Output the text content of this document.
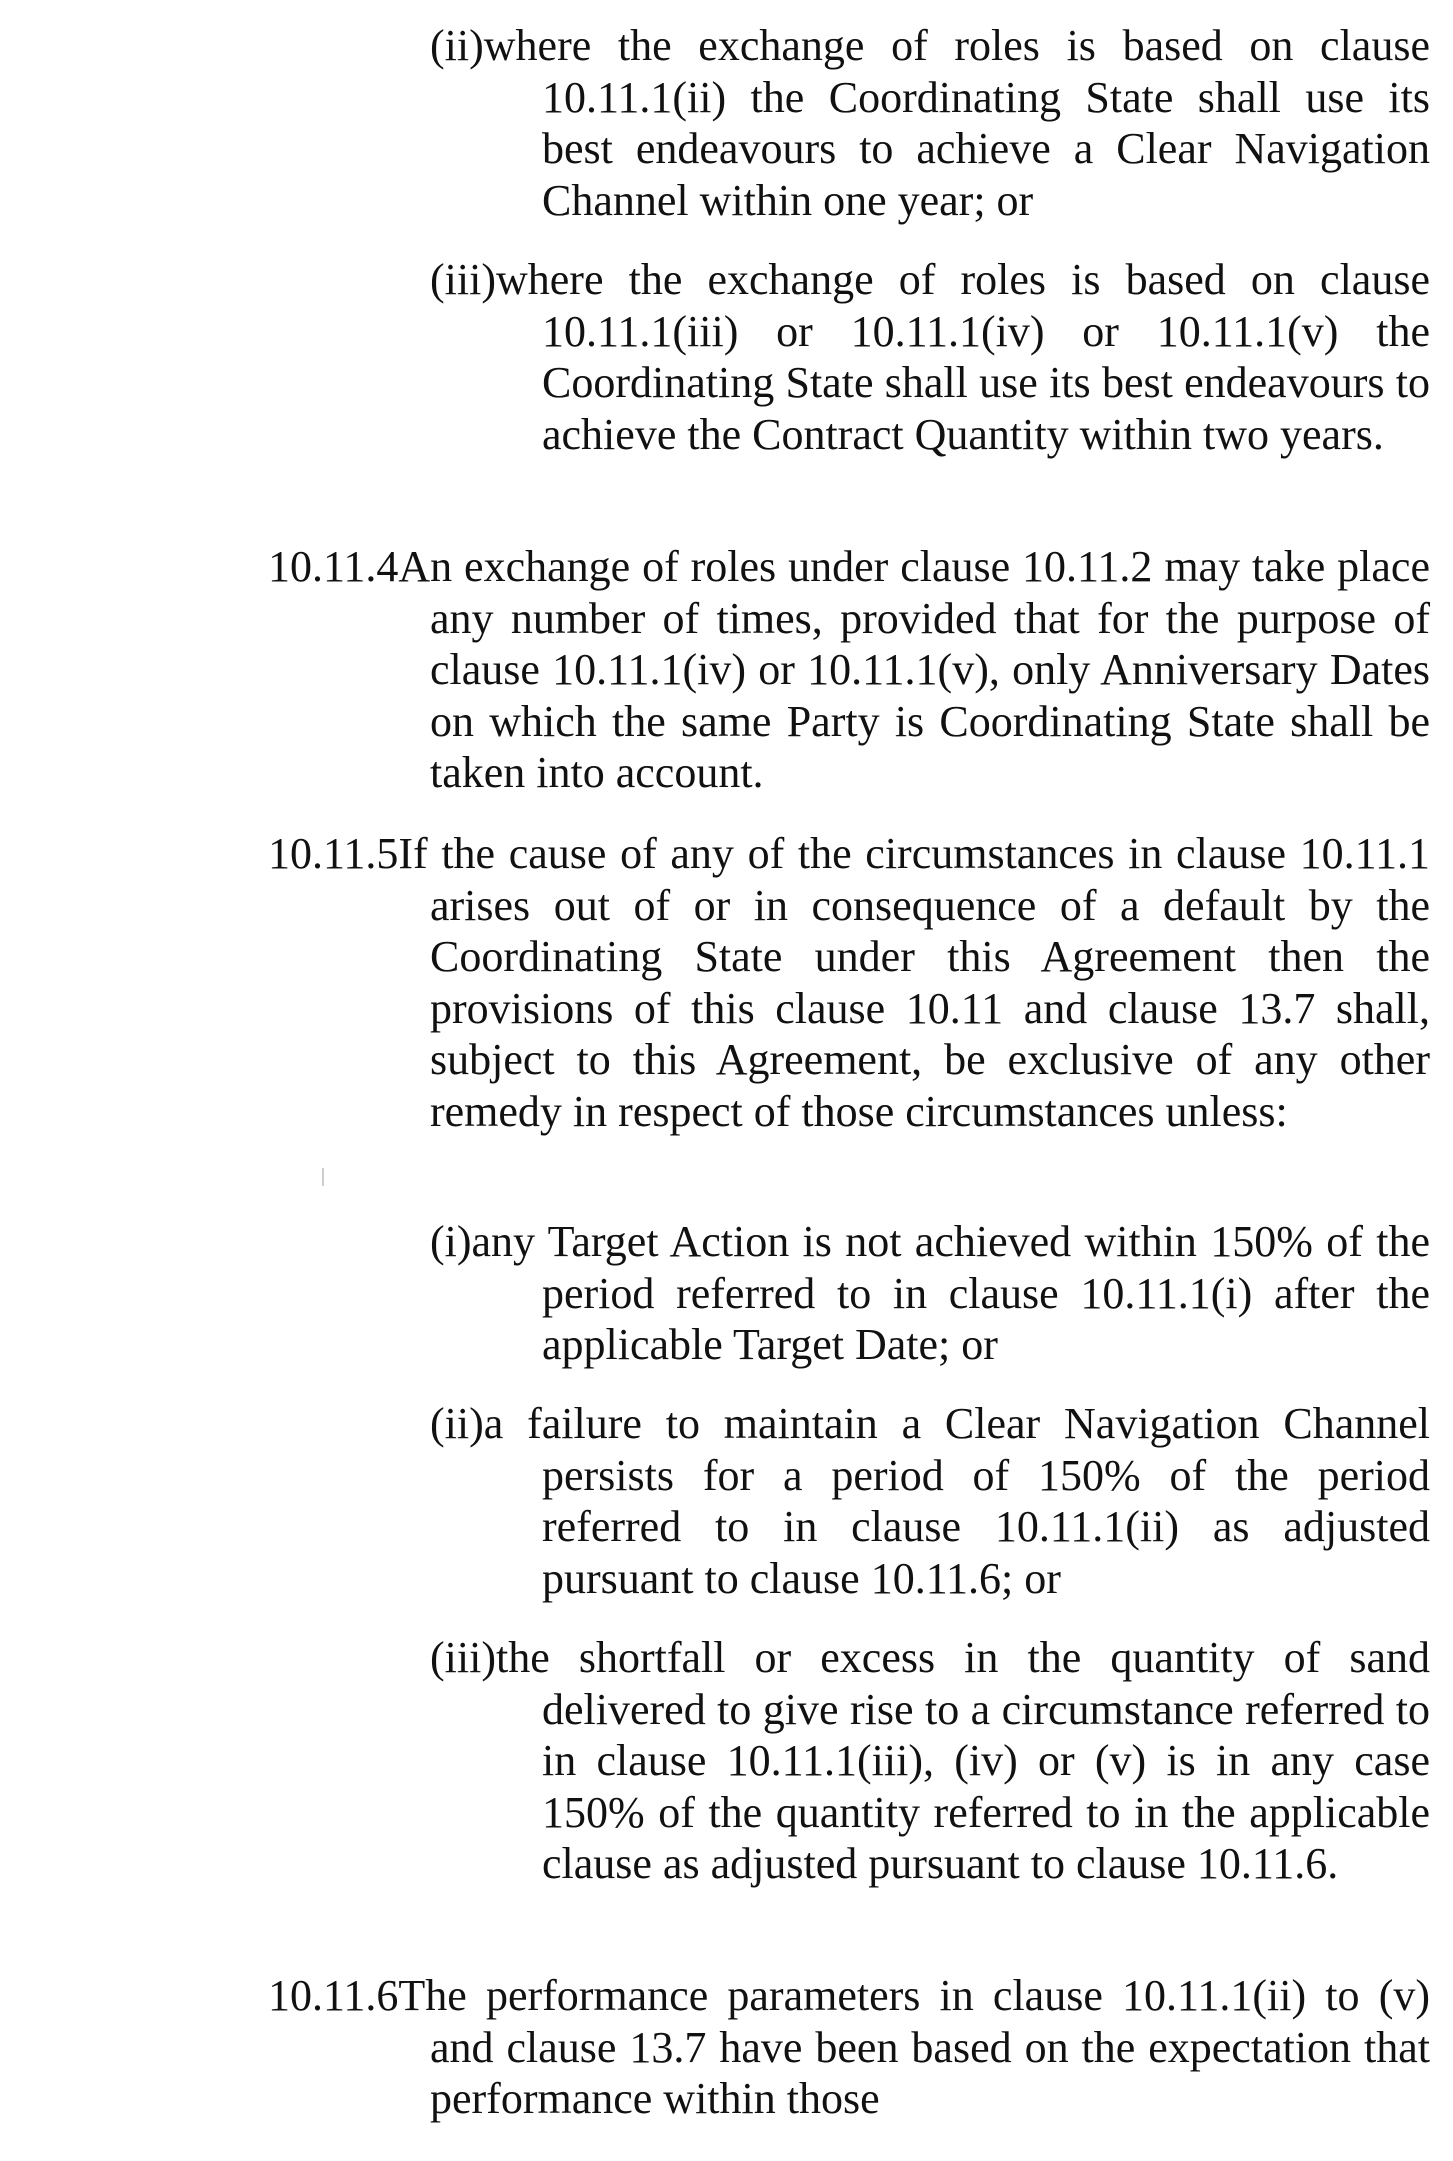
(ii)where the exchange of roles is based on clause 10.11.1(ii) the Coordinating State shall use its best endeavours to achieve a Clear Navigation Channel within one year; or
(iii)where the exchange of roles is based on clause 10.11.1(iii) or 10.11.1(iv) or 10.11.1(v) the Coordinating State shall use its best endeavours to achieve the Contract Quantity within two years.
10.11.4An exchange of roles under clause 10.11.2 may take place any number of times, provided that for the purpose of clause 10.11.1(iv) or 10.11.1(v), only Anniversary Dates on which the same Party is Coordinating State shall be taken into account.
10.11.5If the cause of any of the circumstances in clause 10.11.1 arises out of or in consequence of a default by the Coordinating State under this Agreement then the provisions of this clause 10.11 and clause 13.7 shall, subject to this Agreement, be exclusive of any other remedy in respect of those circumstances unless:
(i)any Target Action is not achieved within 150% of the period referred to in clause 10.11.1(i) after the applicable Target Date; or
(ii)a failure to maintain a Clear Navigation Channel persists for a period of 150% of the period referred to in clause 10.11.1(ii) as adjusted pursuant to clause 10.11.6; or
(iii)the shortfall or excess in the quantity of sand delivered to give rise to a circumstance referred to in clause 10.11.1(iii), (iv) or (v) is in any case 150% of the quantity referred to in the applicable clause as adjusted pursuant to clause 10.11.6.
10.11.6The performance parameters in clause 10.11.1(ii) to (v) and clause 13.7 have been based on the expectation that performance within those
